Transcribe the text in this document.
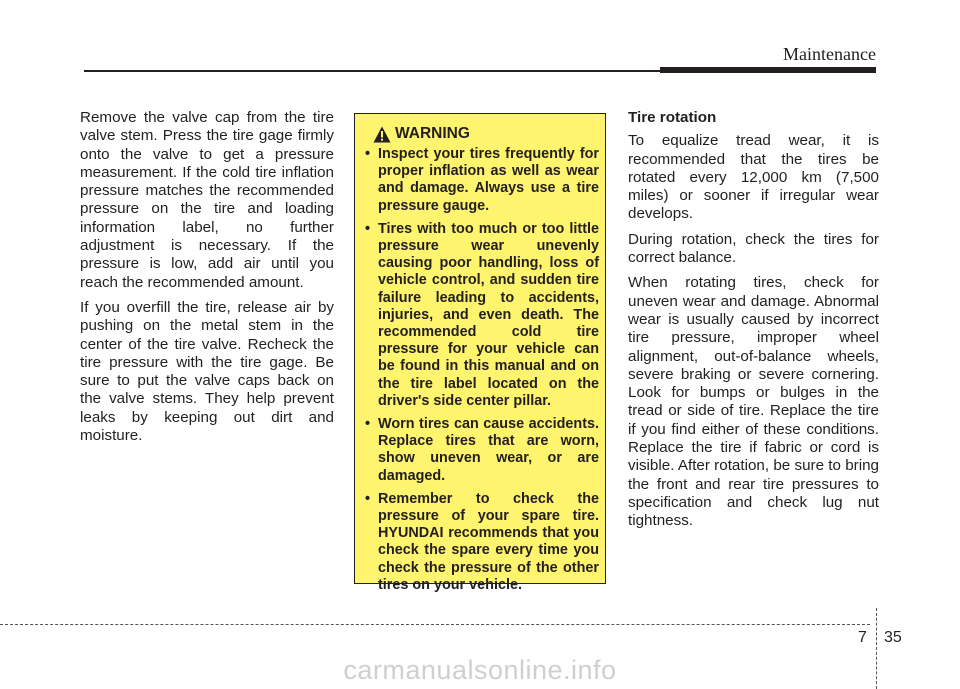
Maintenance

Remove the valve cap from the tire valve stem. Press the tire gage firmly onto the valve to get a pressure measurement. If the cold tire inflation pressure matches the recommended pressure on the tire and loading information label, no further adjustment is necessary. If the pressure is low, add air until you reach the recommended amount.

If you overfill the tire, release air by pushing on the metal stem in the center of the tire valve. Recheck the tire pressure with the tire gage. Be sure to put the valve caps back on the valve stems. They help prevent leaks by keeping out dirt and moisture.

WARNING
• Inspect your tires frequently for proper inflation as well as wear and damage. Always use a tire pressure gauge.
• Tires with too much or too little pressure wear unevenly causing poor handling, loss of vehicle control, and sudden tire failure leading to accidents, injuries, and even death. The recommended cold tire pressure for your vehicle can be found in this manual and on the tire label located on the driver's side center pillar.
• Worn tires can cause accidents. Replace tires that are worn, show uneven wear, or are damaged.
• Remember to check the pressure of your spare tire. HYUNDAI recommends that you check the spare every time you check the pressure of the other tires on your vehicle.

Tire rotation

To equalize tread wear, it is recommended that the tires be rotated every 12,000 km (7,500 miles) or sooner if irregular wear develops.

During rotation, check the tires for correct balance.

When rotating tires, check for uneven wear and damage. Abnormal wear is usually caused by incorrect tire pressure, improper wheel alignment, out-of-balance wheels, severe braking or severe cornering. Look for bumps or bulges in the tread or side of tire. Replace the tire if you find either of these conditions. Replace the tire if fabric or cord is visible. After rotation, be sure to bring the front and rear tire pressures to specification and check lug nut tightness.

7 35
carmanualsonline.info
